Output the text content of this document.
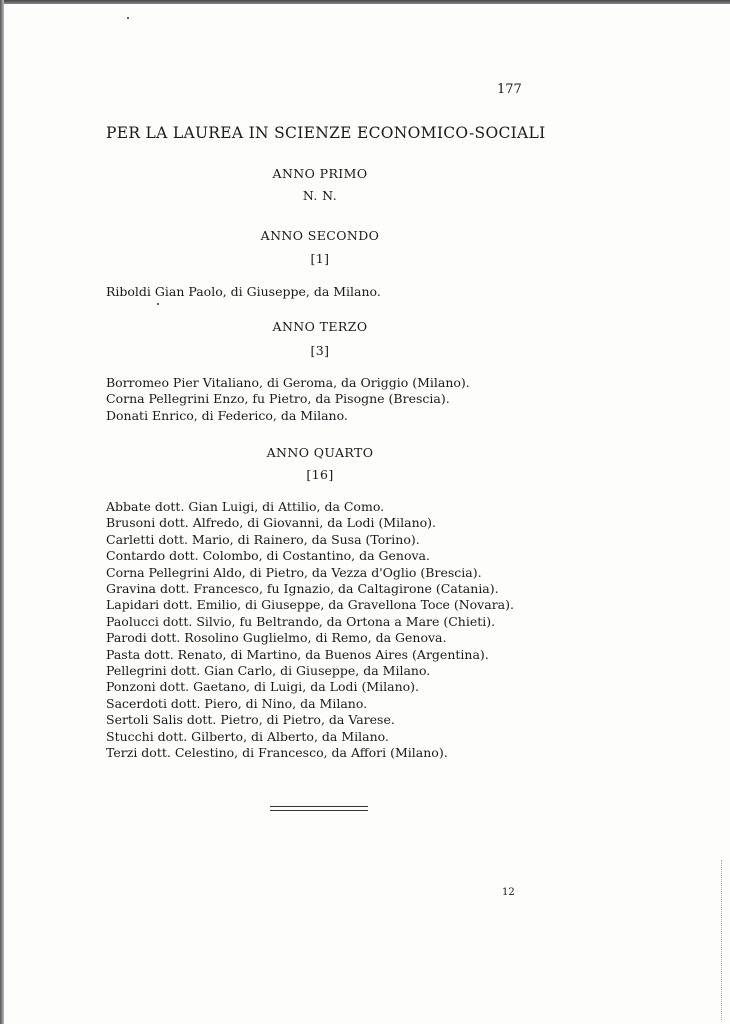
177
PER LA LAUREA IN SCIENZE ECONOMICO-SOCIALI
ANNO PRIMO
N. N.
ANNO SECONDO
[1]
Riboldi Gian Paolo, di Giuseppe, da Milano.
ANNO TERZO
[3]
Borromeo Pier Vitaliano, di Geroma, da Origgio (Milano).
Corna Pellegrini Enzo, fu Pietro, da Pisogne (Brescia).
Donati Enrico, di Federico, da Milano.
ANNO QUARTO
[16]
Abbate dott. Gian Luigi, di Attilio, da Como.
Brusoni dott. Alfredo, di Giovanni, da Lodi (Milano).
Carletti dott. Mario, di Rainero, da Susa (Torino).
Contardo dott. Colombo, di Costantino, da Genova.
Corna Pellegrini Aldo, di Pietro, da Vezza d'Oglio (Brescia).
Gravina dott. Francesco, fu Ignazio, da Caltagirone (Catania).
Lapidari dott. Emilio, di Giuseppe, da Gravellona Toce (Novara).
Paolucci dott. Silvio, fu Beltrando, da Ortona a Mare (Chieti).
Parodi dott. Rosolino Guglielmo, di Remo, da Genova.
Pasta dott. Renato, di Martino, da Buenos Aires (Argentina).
Pellegrini dott. Gian Carlo, di Giuseppe, da Milano.
Ponzoni dott. Gaetano, di Luigi, da Lodi (Milano).
Sacerdoti dott. Piero, di Nino, da Milano.
Sertoli Salis dott. Pietro, di Pietro, da Varese.
Stucchi dott. Gilberto, di Alberto, da Milano.
Terzi dott. Celestino, di Francesco, da Affori (Milano).
12
